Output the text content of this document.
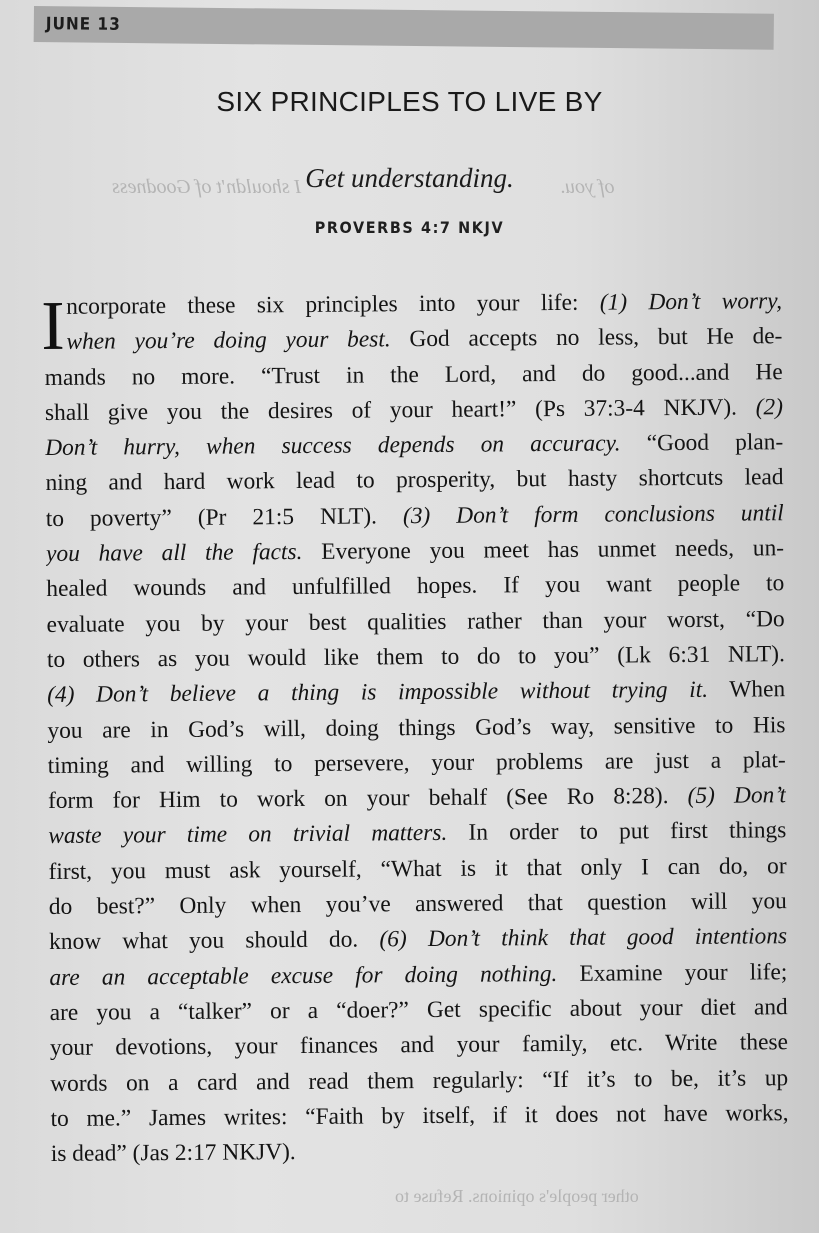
JUNE 13
I shouldn't of Goodness	of you.
other people's opinions. Refuse to
SIX PRINCIPLES TO LIVE BY
Get understanding.
PROVERBS 4:7 NKJV
I ncorporate these six principles into your life: (1) Don’t worry,
when you’re doing your best. God accepts no less, but He de-
mands no more. “Trust in the Lord, and do good...and He
shall give you the desires of your heart!” (Ps 37:3-4 NKJV). (2)
Don’t hurry, when success depends on accuracy. “Good plan-
ning and hard work lead to prosperity, but hasty shortcuts lead
to poverty” (Pr 21:5 NLT). (3) Don’t form conclusions until
you have all the facts. Everyone you meet has unmet needs, un-
healed wounds and unfulfilled hopes. If you want people to
evaluate you by your best qualities rather than your worst, “Do
to others as you would like them to do to you” (Lk 6:31 NLT).
(4) Don’t believe a thing is impossible without trying it. When
you are in God’s will, doing things God’s way, sensitive to His
timing and willing to persevere, your problems are just a plat-
form for Him to work on your behalf (See Ro 8:28). (5) Don’t
waste your time on trivial matters. In order to put first things
first, you must ask yourself, “What is it that only I can do, or
do best?” Only when you’ve answered that question will you
know what you should do. (6) Don’t think that good intentions
are an acceptable excuse for doing nothing. Examine your life;
are you a “talker” or a “doer?” Get specific about your diet and
your devotions, your finances and your family, etc. Write these
words on a card and read them regularly: “If it’s to be, it’s up
to me.” James writes: “Faith by itself, if it does not have works,
is dead” (Jas 2:17 NKJV).
